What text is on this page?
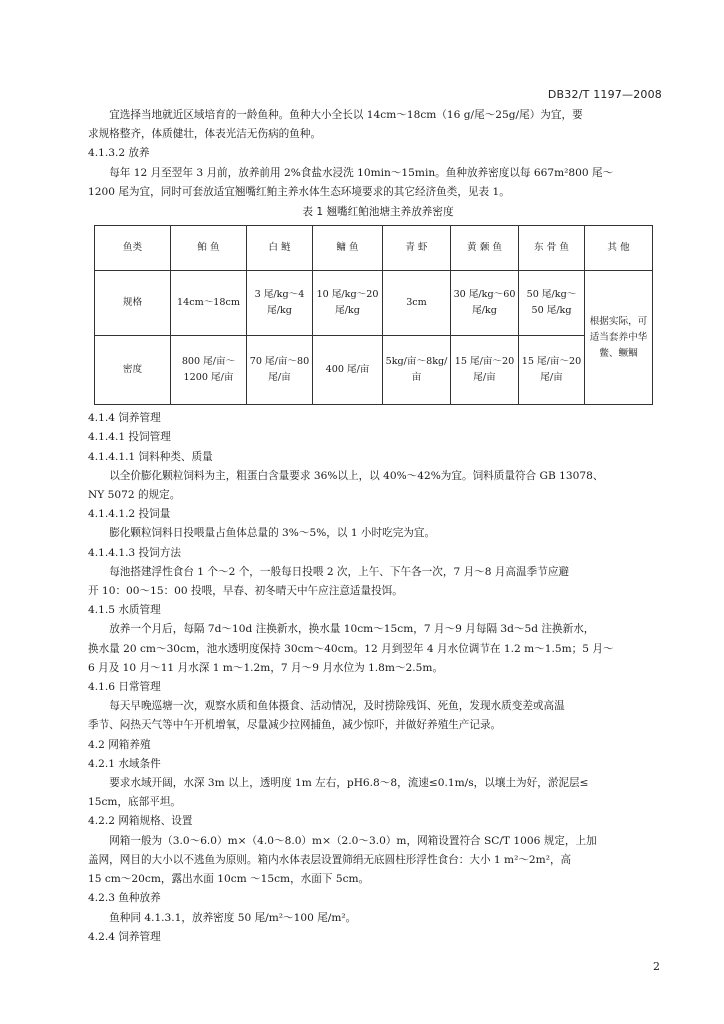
DB32/T 1197—2008

宜选择当地就近区域培育的一龄鱼种。鱼种大小全长以 14cm～18cm（16 g/尾～25g/尾）为宜，要

求规格整齐，体质健壮，体表光洁无伤病的鱼种。

4.1.3.2 放养

每年 12 月至翌年 3 月前，放养前用 2%食盐水浸洗 10min～15min。鱼种放养密度以每 667m²800 尾～

1200 尾为宜，同时可套放适宜翘嘴红鲌主养水体生态环境要求的其它经济鱼类，见表 1。

表 1 翘嘴红鲌池塘主养放养密度
鱼类	鲌 鱼	白 鲢	鳙 鱼	青 虾	黄 颡 鱼	东 骨 鱼	其 他
规格	14cm～18cm	3 尾/kg～4 尾/kg	10 尾/kg～20 尾/kg	3cm	30 尾/kg～60 尾/kg	50 尾/kg～50 尾/kg	根据实际，可适当套养中华鳖、鳜鲴
密度	800 尾/亩～1200 尾/亩	70 尾/亩～80 尾/亩	400 尾/亩	5kg/亩～8kg/亩	15 尾/亩～20 尾/亩	15 尾/亩～20 尾/亩	

4.1.4 饲养管理

4.1.4.1 投饲管理

4.1.4.1.1 饲料种类、质量

以全价膨化颗粒饲料为主，粗蛋白含量要求 36%以上，以 40%～42%为宜。饲料质量符合 GB 13078、

NY 5072 的规定。

4.1.4.1.2 投饲量

膨化颗粒饲料日投喂量占鱼体总量的 3%～5%，以 1 小时吃完为宜。

4.1.4.1.3 投饲方法

每池搭建浮性食台 1 个～2 个，一般每日投喂 2 次，上午、下午各一次，7 月～8 月高温季节应避

开 10：00～15：00 投喂，早春、初冬晴天中午应注意适量投饵。

4.1.5 水质管理

放养一个月后，每隔 7d～10d 注换新水，换水量 10cm～15cm，7 月～9 月每隔 3d～5d 注换新水，

换水量 20 cm～30cm，池水透明度保持 30cm～40cm。12 月到翌年 4 月水位调节在 1.2 m～1.5m；5 月～

6 月及 10 月～11 月水深 1 m～1.2m，7 月～9 月水位为 1.8m～2.5m。

4.1.6 日常管理

每天早晚巡塘一次，观察水质和鱼体摄食、活动情况，及时捞除残饵、死鱼，发现水质变差或高温

季节、闷热天气等中午开机增氧，尽量减少拉网捕鱼，减少惊吓，并做好养殖生产记录。

4.2 网箱养殖

4.2.1 水域条件

要求水域开阔，水深 3m 以上，透明度 1m 左右，pH6.8～8，流速≤0.1m/s，以壤土为好，淤泥层≤

15cm，底部平坦。

4.2.2 网箱规格、设置

网箱一般为（3.0～6.0）m×（4.0～8.0）m×（2.0～3.0）m，网箱设置符合 SC/T 1006 规定，上加

盖网，网目的大小以不逃鱼为原则。箱内水体表层设置筛绢无底圆柱形浮性食台：大小 1 m²～2m²，高

15 cm～20cm，露出水面 10cm ～15cm，水面下 5cm。

4.2.3 鱼种放养

鱼种同 4.1.3.1，放养密度 50 尾/m²～100 尾/m²。

4.2.4 饲养管理

2
